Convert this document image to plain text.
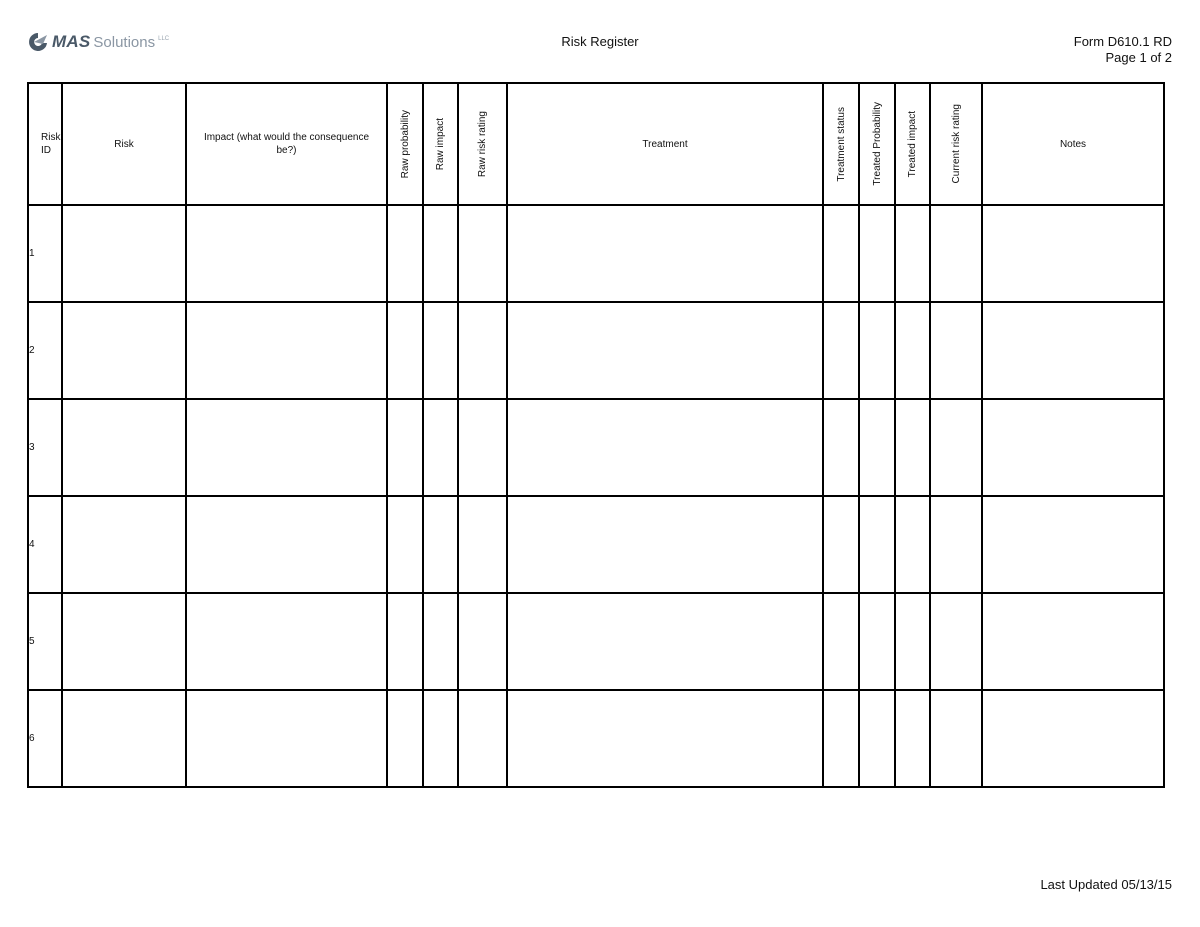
MAS Solutions LLC	Risk Register	Form D610.1 RD
Page 1 of 2
Risk ID	Risk	Impact (what would the consequence be?)	Raw probability	Raw impact	Raw risk rating	Treatment	Treatment status	Treated Probability	Treated impact	Current risk rating	Notes

1											
2											
3											
4											
5											
6											
Last Updated 05/13/15
